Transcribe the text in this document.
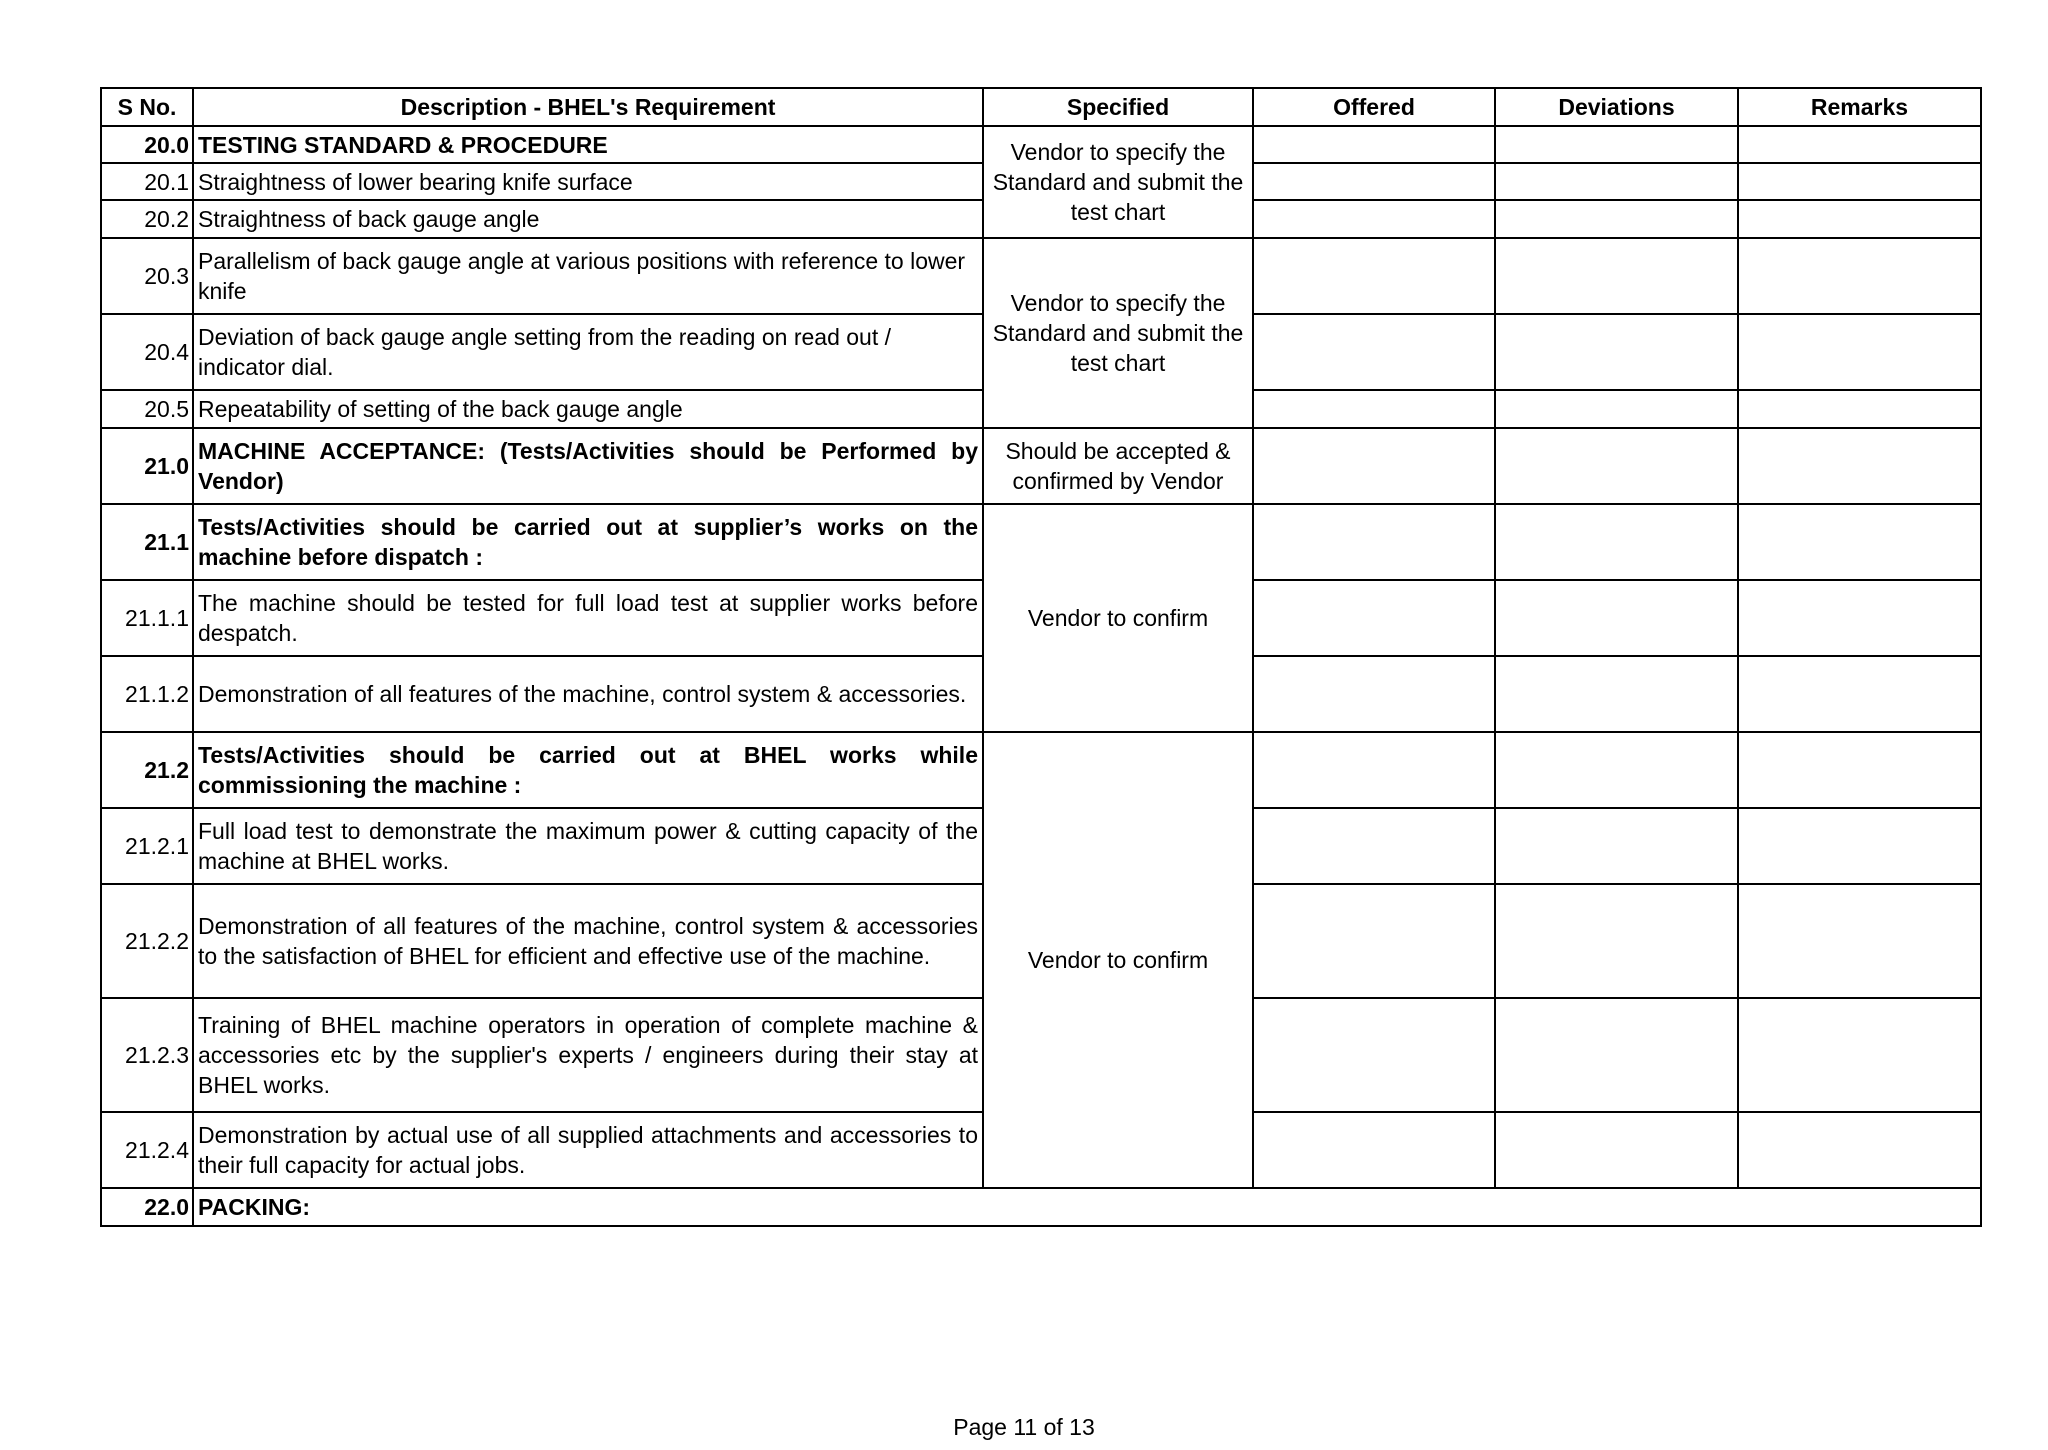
S No.	Description - BHEL's Requirement	Specified	Offered	Deviations	Remarks
20.0	TESTING STANDARD & PROCEDURE	Vendor to specify the Standard and submit the test chart			
20.1	Straightness of lower bearing knife surface				
20.2	Straightness of back gauge angle				
20.3	Parallelism of back gauge angle at various positions with reference to lower knife	Vendor to specify the Standard and submit the test chart			
20.4	Deviation of back gauge angle setting from the reading on read out / indicator dial.				
20.5	Repeatability of setting of the back gauge angle				
21.0	MACHINE ACCEPTANCE: (Tests/Activities should be Performed by Vendor)	Should be accepted & confirmed by Vendor			
21.1	Tests/Activities should be carried out at supplier’s works on the machine before dispatch :	Vendor to confirm			
21.1.1	The machine should be tested for full load test at supplier works before despatch.				
21.1.2	Demonstration of all features of the machine, control system & accessories.				
21.2	Tests/Activities should be carried out at BHEL works while commissioning the machine :	Vendor to confirm			
21.2.1	Full load test to demonstrate the maximum power & cutting capacity of the machine at BHEL works.				
21.2.2	Demonstration of all features of the machine, control system & accessories to the satisfaction of BHEL for efficient and effective use of the machine.				
21.2.3	Training of BHEL machine operators in operation of complete machine & accessories etc by the supplier's experts / engineers during their stay at BHEL works.				
21.2.4	Demonstration by actual use of all supplied attachments and accessories to their full capacity for actual jobs.				
22.0	PACKING:				
Page 11 of 13
